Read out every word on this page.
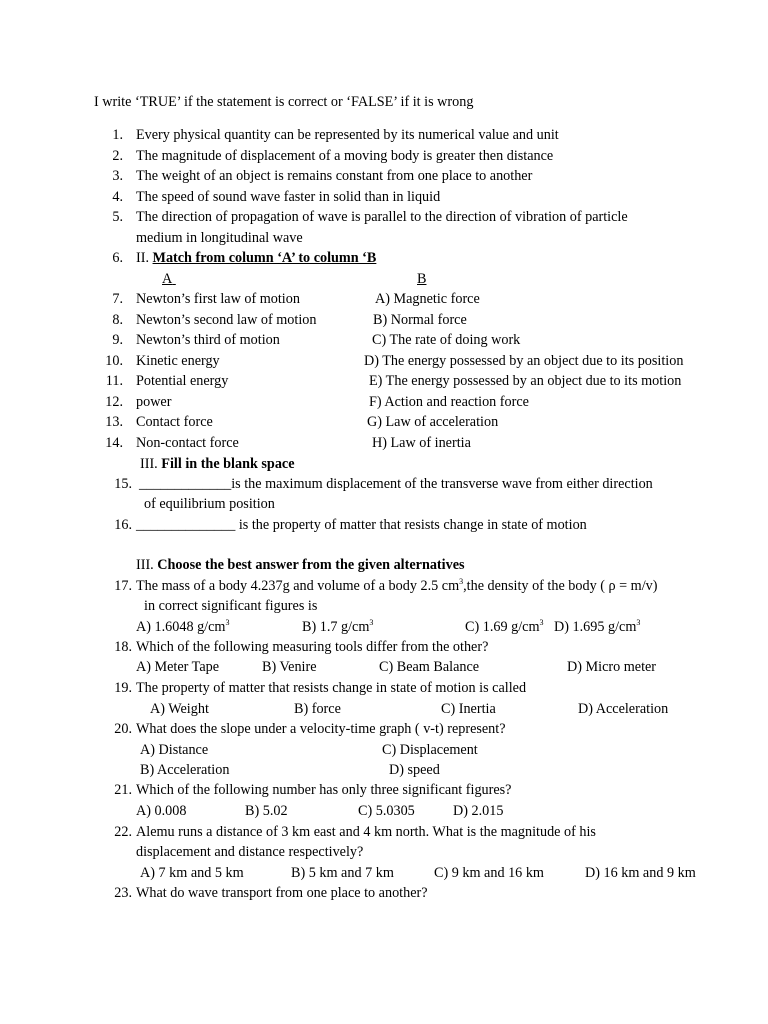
I write ‘TRUE’ if the statement is correct or ‘FALSE’ if it is wrong
1. Every physical quantity can be represented by its numerical value and unit
2. The magnitude of displacement of a moving body is greater then distance
3. The weight of an object is remains constant from one place to another
4. The speed of sound wave faster in solid than in liquid
5. The direction of propagation of wave is parallel to the direction of vibration of particle
medium in longitudinal wave
6. II. Match from column ‘A’ to column ‘B
A	B
7. Newton’s first law of motion	A) Magnetic force
8. Newton’s second law of motion	B) Normal force
9. Newton’s third of motion	C) The rate of doing work
10. Kinetic energy	D) The energy possessed by an object due to its position
11. Potential energy	E) The energy possessed by an object due to its motion
12. power	F) Action and reaction force
13. Contact force	G) Law of acceleration
14. Non-contact force	H) Law of inertia
III. Fill in the blank space
15. _____________is the maximum displacement of the transverse wave from either direction
of equilibrium position
16. ______________ is the property of matter that resists change in state of motion
III. Choose the best answer from the given alternatives
17. The mass of a body 4.237g and volume of a body 2.5 $cm^3,the$ density of the body ( ρ = m/v)
in correct significant figures is
A) 1.6048 $g/cm^3$	B) 1.7 $g/cm^3$	C) 1.69 $g/cm^3$ D) 1.695 $g/cm^3$
18. Which of the following measuring tools differ from the other?
A) Meter Tape	B) Venire	C) Beam Balance	D) Micro meter
19. The property of matter that resists change in state of motion is called
A) Weight	B) force	C) Inertia	D) Acceleration
20. What does the slope under a velocity-time graph ( v-t) represent?
A) Distance	C) Displacement
B) Acceleration	D) speed
21. Which of the following number has only three significant figures?
A) 0.008	B) 5.02	C) 5.0305	D) 2.015
22. Alemu runs a distance of 3 km east and 4 km north. What is the magnitude of his
displacement and distance respectively?
A) 7 km and 5 km	B) 5 km and 7 km	C) 9 km and 16 km	D) 16 km and 9 km
23. What do wave transport from one place to another?
